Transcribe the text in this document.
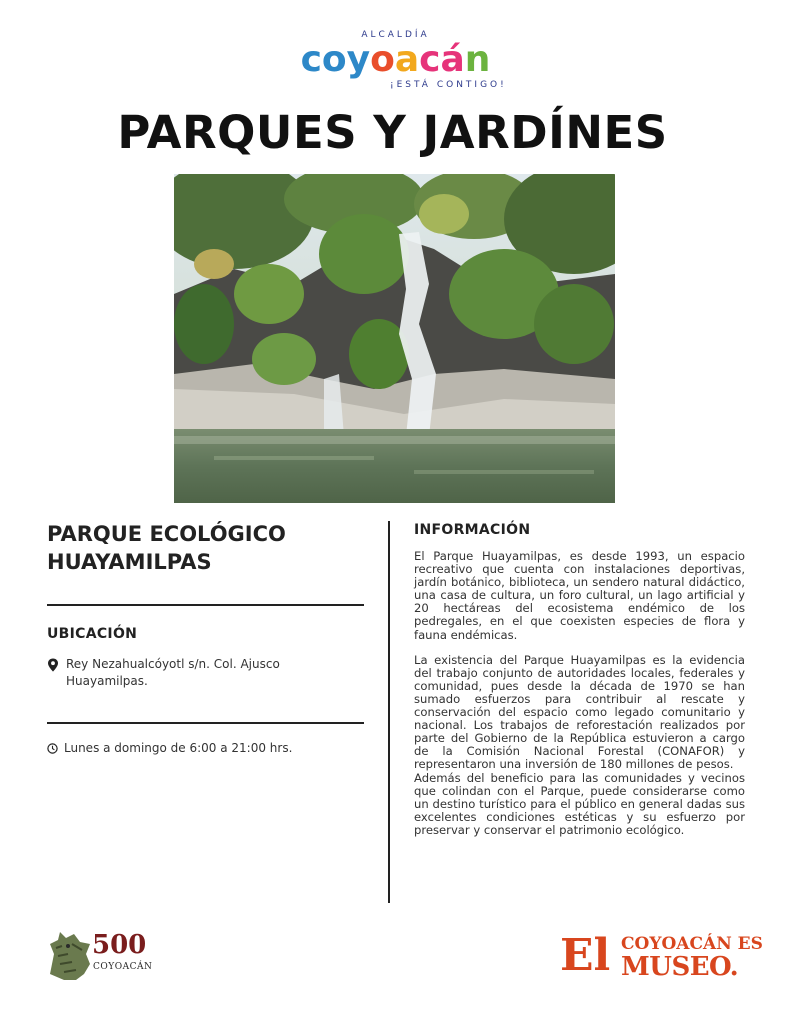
ALCALDÍA
coyoacán
¡ESTÁ CONTIGO!
PARQUES Y JARDÍNES
PARQUE ECOLÓGICO HUAYAMILPAS
UBICACIÓN
Rey Nezahualcóyotl s/n. Col. Ajusco Huayamilpas.
Lunes a domingo de 6:00 a 21:00 hrs.
INFORMACIÓN

El Parque Huayamilpas, es desde 1993, un espacio recreativo que cuenta con instalaciones deportivas, jardín botánico, biblioteca, un sendero natural didáctico, una casa de cultura, un foro cultural, un lago artificial y 20 hectáreas del ecosistema endémico de los pedregales, en el que coexisten especies de flora y fauna endémicas.

La existencia del Parque Huayamilpas es la evidencia del trabajo conjunto de autoridades locales, federales y comunidad, pues desde la década de 1970 se han sumado esfuerzos para contribuir al rescate y conservación del espacio como legado comunitario y nacional. Los trabajos de reforestación realizados por parte del Gobierno de la República estuvieron a cargo de la Comisión Nacional Forestal (CONAFOR) y representaron una inversión de 180 millones de pesos.

Además del beneficio para las comunidades y vecinos que colindan con el Parque, puede considerarse como un destino turístico para el público en general dadas sus excelentes condiciones estéticas y su esfuerzo por preservar y conservar el patrimonio ecológico.

500
COYOACÁN	El COYOACÁN ES
MUSEO.
